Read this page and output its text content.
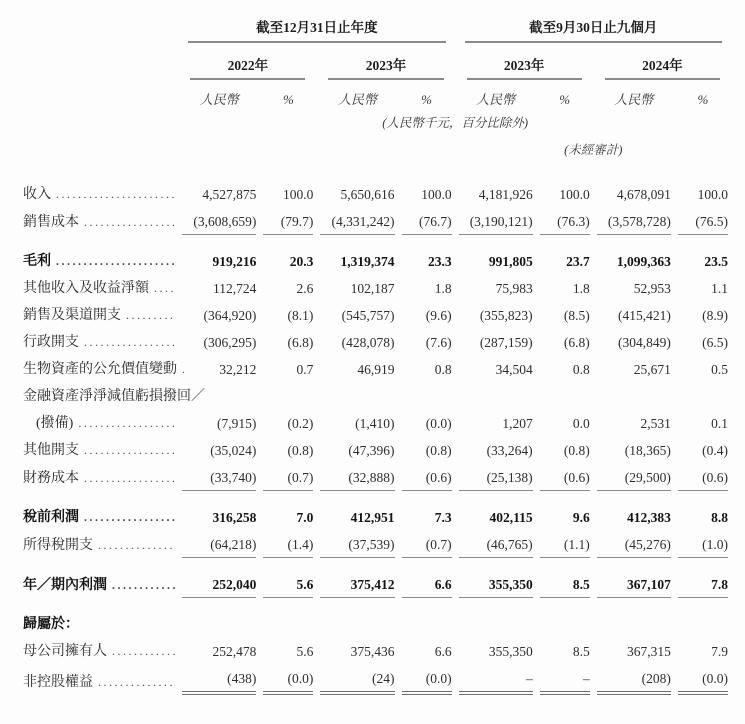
	截至12月31日止年度				截至9月30日止九個月			

	2022年		2023年		2023年		2024年	

	人民幣	%	人民幣	%	人民幣	%	人民幣	%
	(人民幣千元，百分比除外)							
					(未經審計)			

收入
.....	4,527,875	100.0	5,650,616	100.0	4,181,926	100.0	4,678,091	100.0

銷售成本
.....	(3,608,659)	(79.7)	(4,331,242)	(76.7)	(3,190,121)	(76.3)	(3,578,728)	(76.5)

毛利
.....	919,216	20.3	1,319,374	23.3	991,805	23.7	1,099,363	23.5

其他收入及收益淨額
.....	112,724	2.6	102,187	1.8	75,983	1.8	52,953	1.1

銷售及渠道開支
.....	(364,920)	(8.1)	(545,757)	(9.6)	(355,823)	(8.5)	(415,421)	(8.9)

行政開支
.....	(306,295)	(6.8)	(428,078)	(7.6)	(287,159)	(6.8)	(304,849)	(6.5)

生物資產的公允價值變動
.....	32,212	0.7	46,919	0.8	34,504	0.8	25,671	0.5

金融資產淨淨減值虧損撥回／								

(撥備)
.....	(7,915)	(0.2)	(1,410)	(0.0)	1,207	0.0	2,531	0.1

其他開支
.....	(35,024)	(0.8)	(47,396)	(0.8)	(33,264)	(0.8)	(18,365)	(0.4)

財務成本
.....	(33,740)	(0.7)	(32,888)	(0.6)	(25,138)	(0.6)	(29,500)	(0.6)

稅前利潤
.....	316,258	7.0	412,951	7.3	402,115	9.6	412,383	8.8

所得稅開支
.....	(64,218)	(1.4)	(37,539)	(0.7)	(46,765)	(1.1)	(45,276)	(1.0)

年／期內利潤
.....	252,040	5.6	375,412	6.6	355,350	8.5	367,107	7.8

歸屬於：								

母公司擁有人
.....	252,478	5.6	375,436	6.6	355,350	8.5	367,315	7.9

非控股權益
.....	(438)	(0.0)	(24)	(0.0)	–	–	(208)	(0.0)
